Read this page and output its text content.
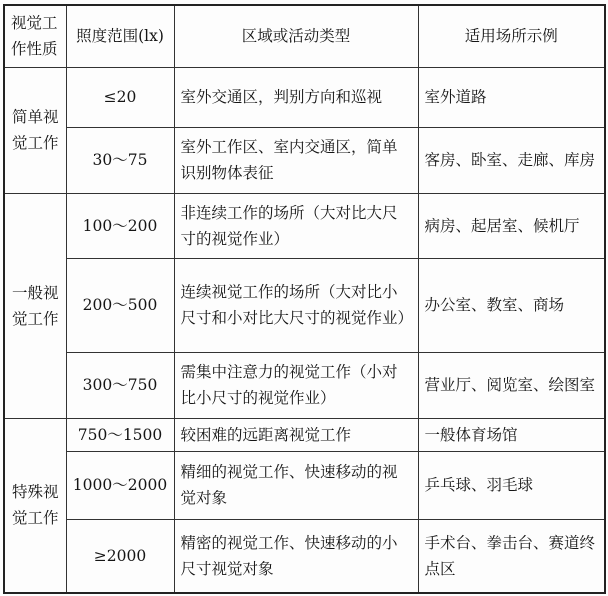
视觉工作性质	照度范围(lx)	区域或活动类型	适用场所示例
简单视觉工作	≤20	室外交通区，判别方向和巡视	室外道路
	30～75	室外工作区、室内交通区，简单识别物体表征	客房、卧室、走廊、库房
一般视觉工作	100～200	非连续工作的场所（大对比大尺寸的视觉作业）	病房、起居室、候机厅
	200～500	连续视觉工作的场所（大对比小尺寸和小对比大尺寸的视觉作业）	办公室、教室、商场
	300～750	需集中注意力的视觉工作（小对比小尺寸的视觉作业）	营业厅、阅览室、绘图室
特殊视觉工作	750～1500	较困难的远距离视觉工作	一般体育场馆
	1000～2000	精细的视觉工作、快速移动的视觉对象	乒乓球、羽毛球
	≥2000	精密的视觉工作、快速移动的小尺寸视觉对象	手术台、拳击台、赛道终点区
